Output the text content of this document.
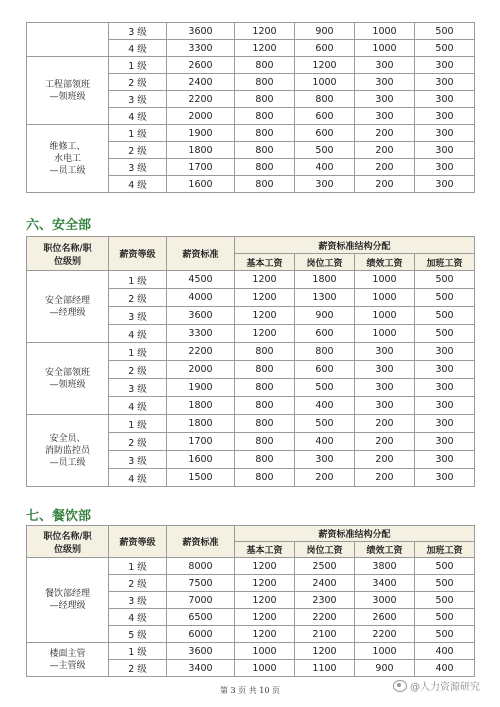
	3 级	3600	1200	900	1000	500
	4 级	3300	1200	600	1000	500

工程部领班
—领班级	1 级	2600	800	1200	300	300
	2 级	2400	800	1000	300	300
	3 级	2200	800	800	300	300
	4 级	2000	800	600	300	300

维修工、
水电工
—员工级	1 级	1900	800	600	200	300
	2 级	1800	800	500	200	300
	3 级	1700	800	400	200	300
	4 级	1600	800	300	200	300
六、安全部
职位名称/职
位级别	薪资等级	薪资标准	薪资标准结构分配			
			基本工资	岗位工资	绩效工资	加班工资

安全部经理
—经理级	1 级	4500	1200	1800	1000	500
	2 级	4000	1200	1300	1000	500
	3 级	3600	1200	900	1000	500
	4 级	3300	1200	600	1000	500

安全部领班
—领班级	1 级	2200	800	800	300	300
	2 级	2000	800	600	300	300
	3 级	1900	800	500	300	300
	4 级	1800	800	400	300	300

安全员、
消防监控员
—员工级	1 级	1800	800	500	200	300
	2 级	1700	800	400	200	300
	3 级	1600	800	300	200	300
	4 级	1500	800	200	200	300
七、餐饮部
职位名称/职
位级别	薪资等级	薪资标准	薪资标准结构分配			
			基本工资	岗位工资	绩效工资	加班工资

餐饮部经理
—经理级	1 级	8000	1200	2500	3800	500
	2 级	7500	1200	2400	3400	500
	3 级	7000	1200	2300	3000	500
	4 级	6500	1200	2200	2600	500
	5 级	6000	1200	2100	2200	500

楼面主管
—主管级	1 级	3600	1000	1200	1000	400
	2 级	3400	1000	1100	900	400
第 3 页 共 10 页	@人力资源研究
